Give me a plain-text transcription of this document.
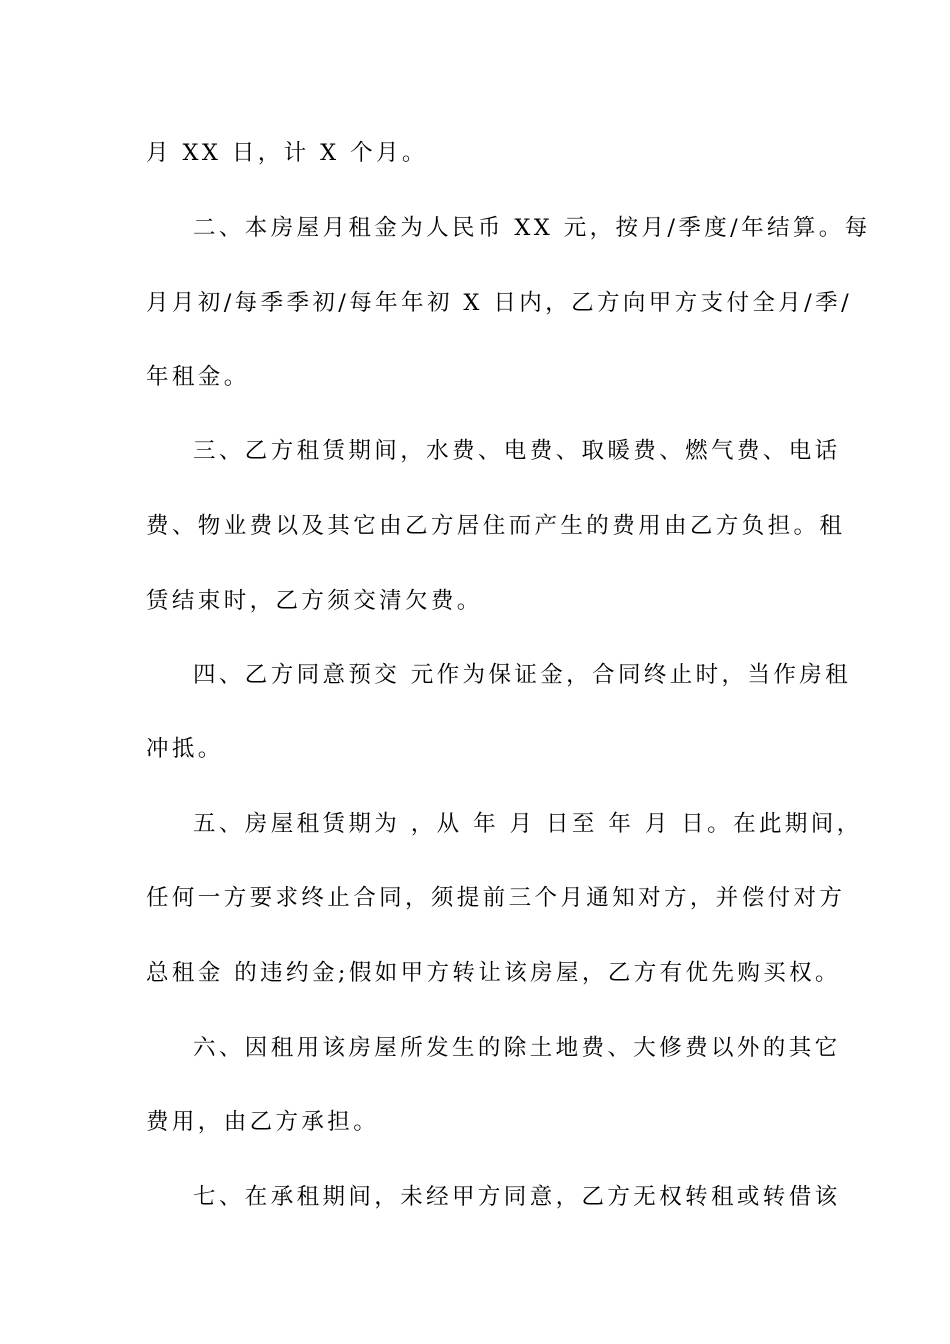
月 XX 日，计 X 个月。

二、本房屋月租金为人民币 XX 元，按月/季度/年结算。每

月月初/每季季初/每年年初 X 日内，乙方向甲方支付全月/季/

年租金。

三、乙方租赁期间，水费、电费、取暖费、燃气费、电话

费、物业费以及其它由乙方居住而产生的费用由乙方负担。租

赁结束时，乙方须交清欠费。

四、乙方同意预交 元作为保证金，合同终止时，当作房租

冲抵。

五、房屋租赁期为 ，从 年 月 日至 年 月 日。在此期间，

任何一方要求终止合同，须提前三个月通知对方，并偿付对方

总租金 的违约金;假如甲方转让该房屋，乙方有优先购买权。

六、因租用该房屋所发生的除土地费、大修费以外的其它

费用，由乙方承担。

七、在承租期间，未经甲方同意，乙方无权转租或转借该
